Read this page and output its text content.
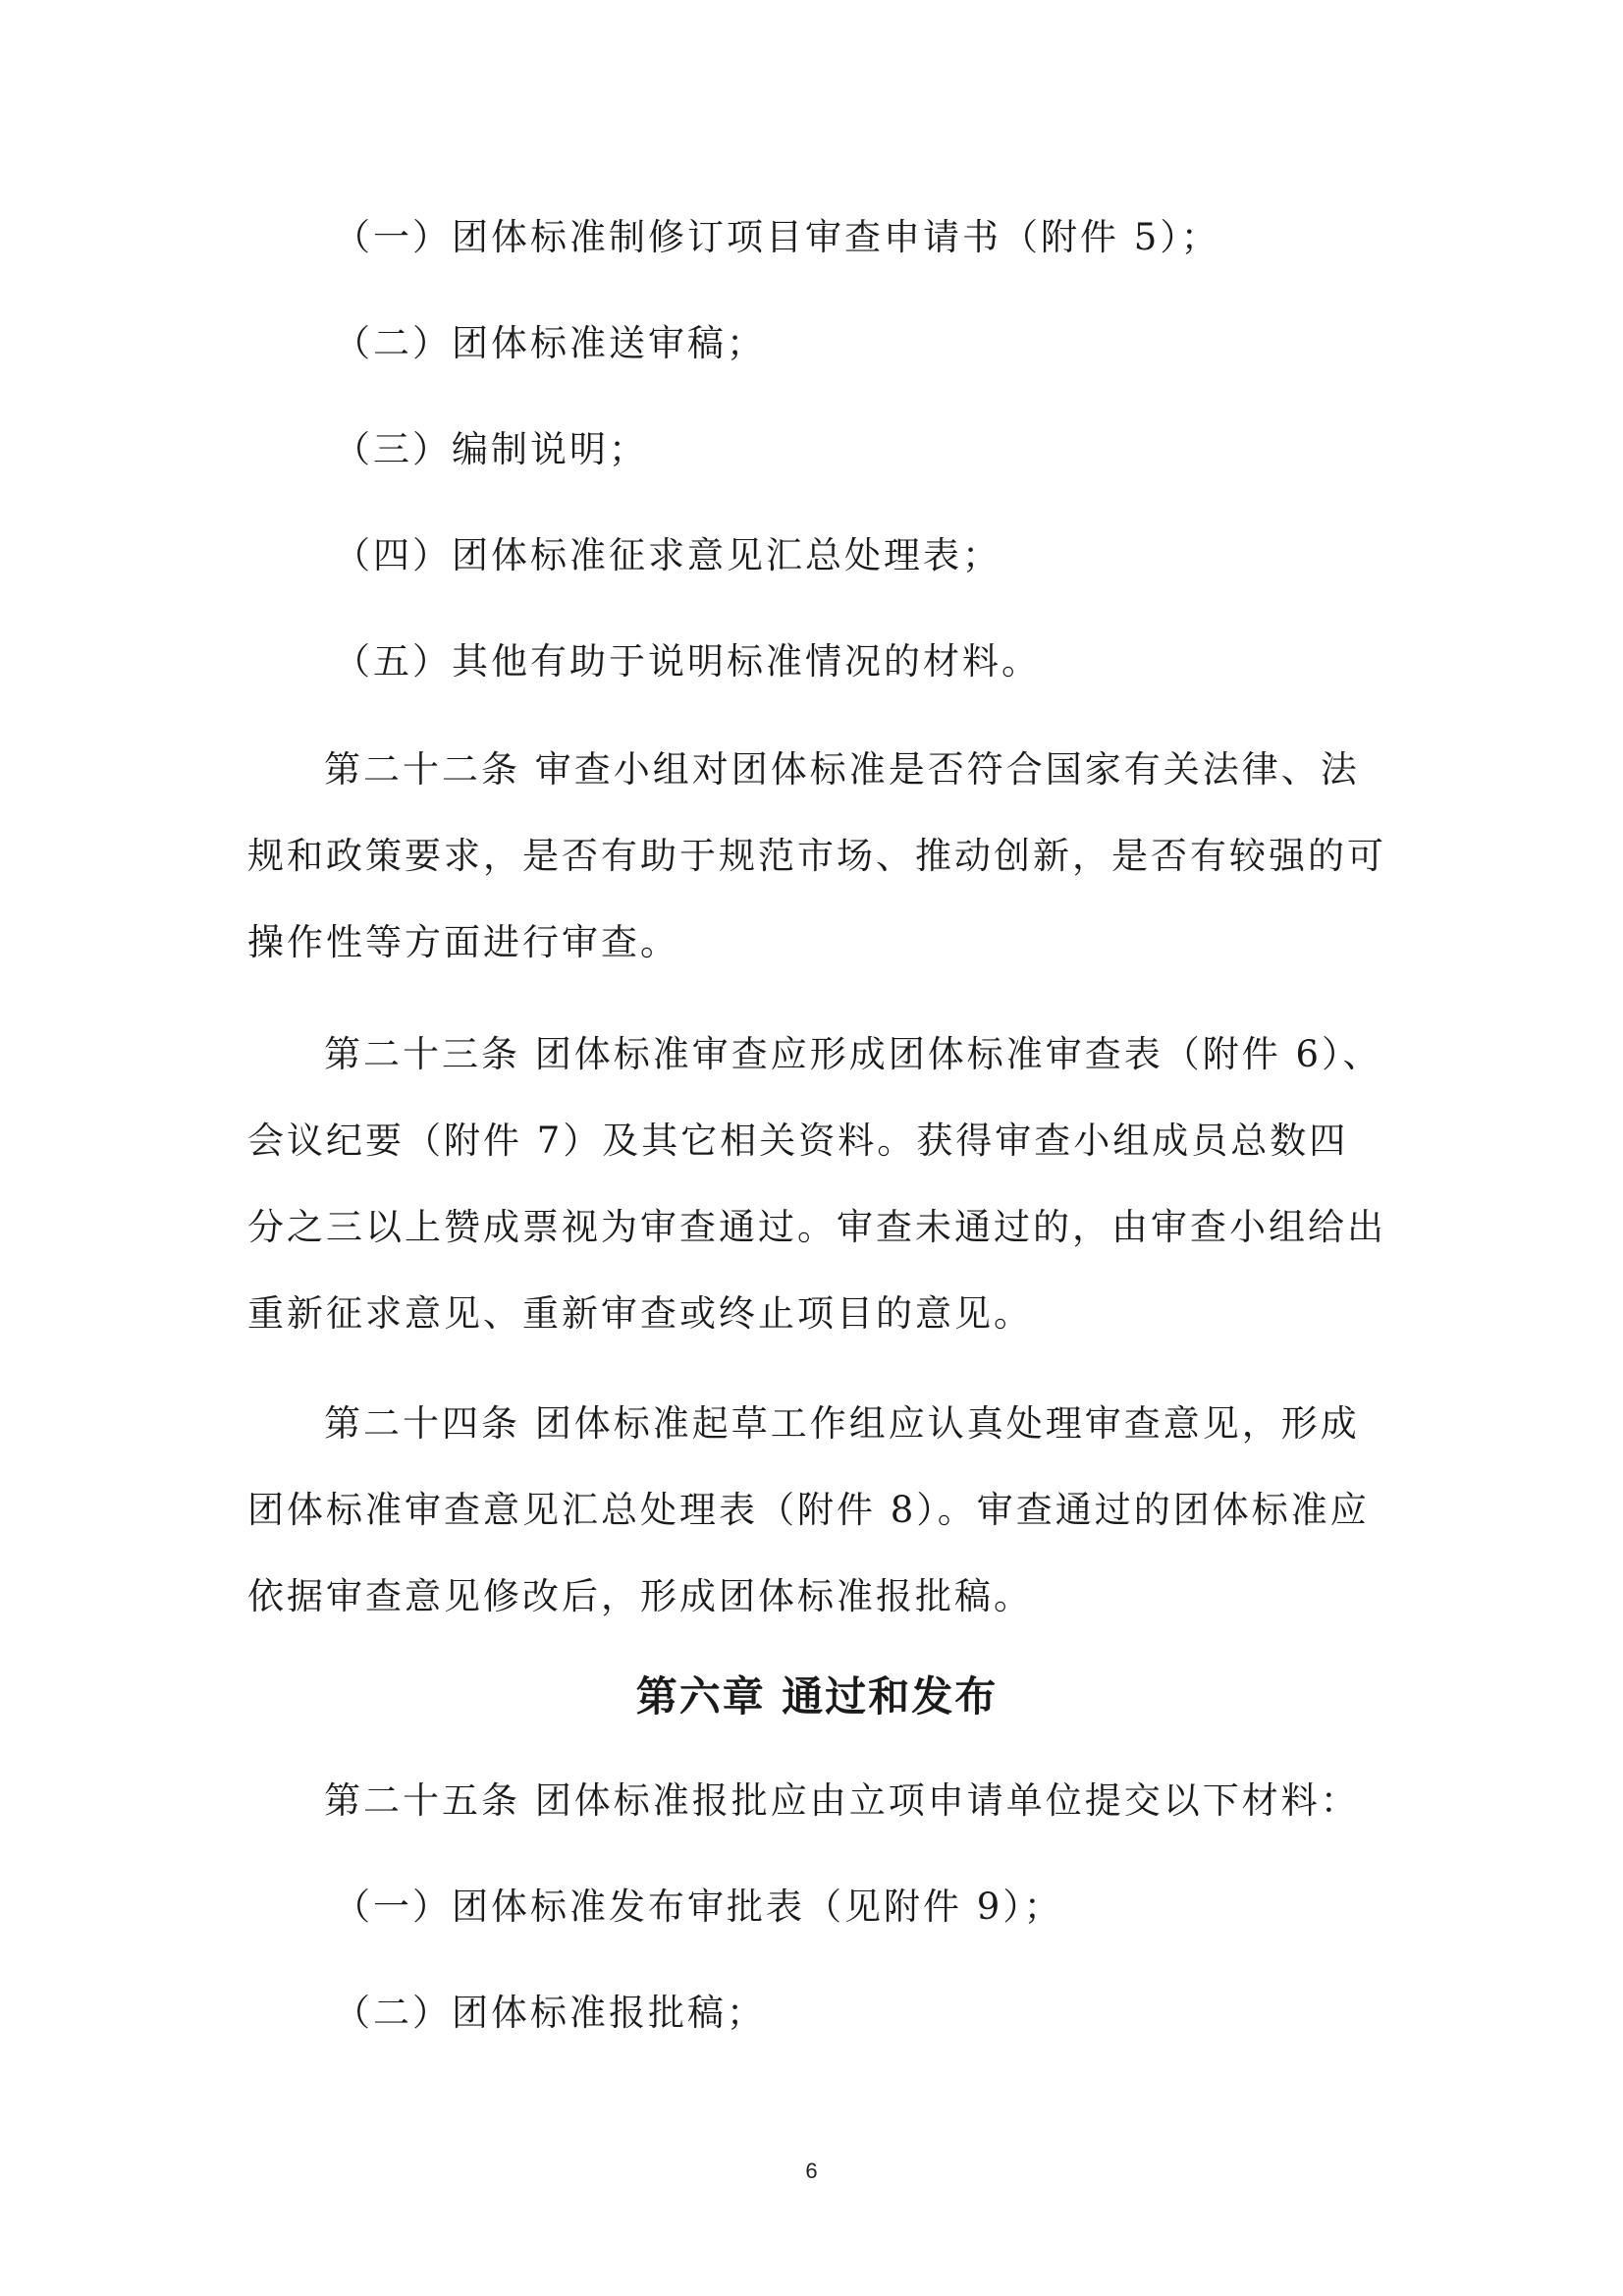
（一）团体标准制修订项目审查申请书（附件 5）；

（二）团体标准送审稿；

（三）编制说明；

（四）团体标准征求意见汇总处理表；

（五）其他有助于说明标准情况的材料。

第二十二条 审查小组对团体标准是否符合国家有关法律、法规和政策要求，是否有助于规范市场、推动创新，是否有较强的可操作性等方面进行审查。

第二十三条 团体标准审查应形成团体标准审查表（附件 6）、会议纪要（附件 7）及其它相关资料。获得审查小组成员总数四分之三以上赞成票视为审查通过。审查未通过的，由审查小组给出重新征求意见、重新审查或终止项目的意见。

第二十四条 团体标准起草工作组应认真处理审查意见，形成团体标准审查意见汇总处理表（附件 8）。审查通过的团体标准应依据审查意见修改后，形成团体标准报批稿。

第六章 通过和发布

第二十五条 团体标准报批应由立项申请单位提交以下材料：

（一）团体标准发布审批表（见附件 9）；

（二）团体标准报批稿；

6
